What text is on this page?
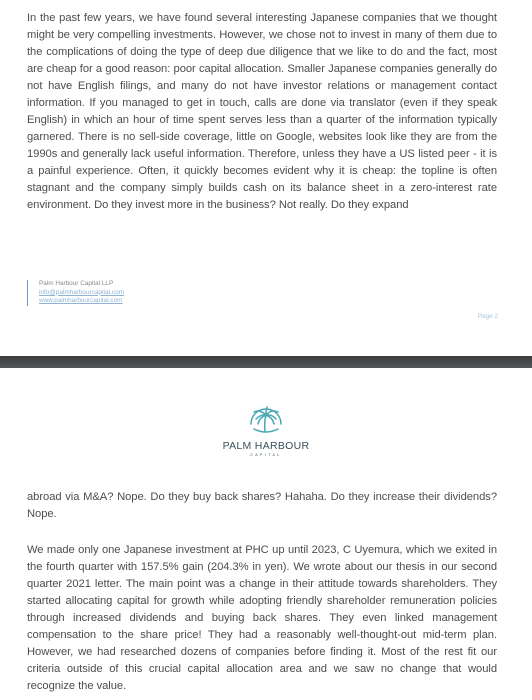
In the past few years, we have found several interesting Japanese companies that we thought might be very compelling investments. However, we chose not to invest in many of them due to the complications of doing the type of deep due diligence that we like to do and the fact, most are cheap for a good reason: poor capital allocation. Smaller Japanese companies generally do not have English filings, and many do not have investor relations or management contact information. If you managed to get in touch, calls are done via translator (even if they speak English) in which an hour of time spent serves less than a quarter of the information typically garnered. There is no sell-side coverage, little on Google, websites look like they are from the 1990s and generally lack useful information. Therefore, unless they have a US listed peer - it is a painful experience. Often, it quickly becomes evident why it is cheap: the topline is often stagnant and the company simply builds cash on its balance sheet in a zero-interest rate environment. Do they invest more in the business? Not really. Do they expand

Palm Harbour Capital LLP
info@palmharbourcapital.com
www.palmharbourcapital.com
Page 2
PALM HARBOUR
CAPITAL

abroad via M&A? Nope. Do they buy back shares? Hahaha. Do they increase their dividends? Nope.

We made only one Japanese investment at PHC up until 2023, C Uyemura, which we exited in the fourth quarter with 157.5% gain (204.3% in yen). We wrote about our thesis in our second quarter 2021 letter. The main point was a change in their attitude towards shareholders. They started allocating capital for growth while adopting friendly shareholder remuneration policies through increased dividends and buying back shares. They even linked management compensation to the share price! They had a reasonably well-thought-out mid-term plan. However, we had researched dozens of companies before finding it. Most of the rest fit our criteria outside of this crucial capital allocation area and we saw no change that would recognize the value.
